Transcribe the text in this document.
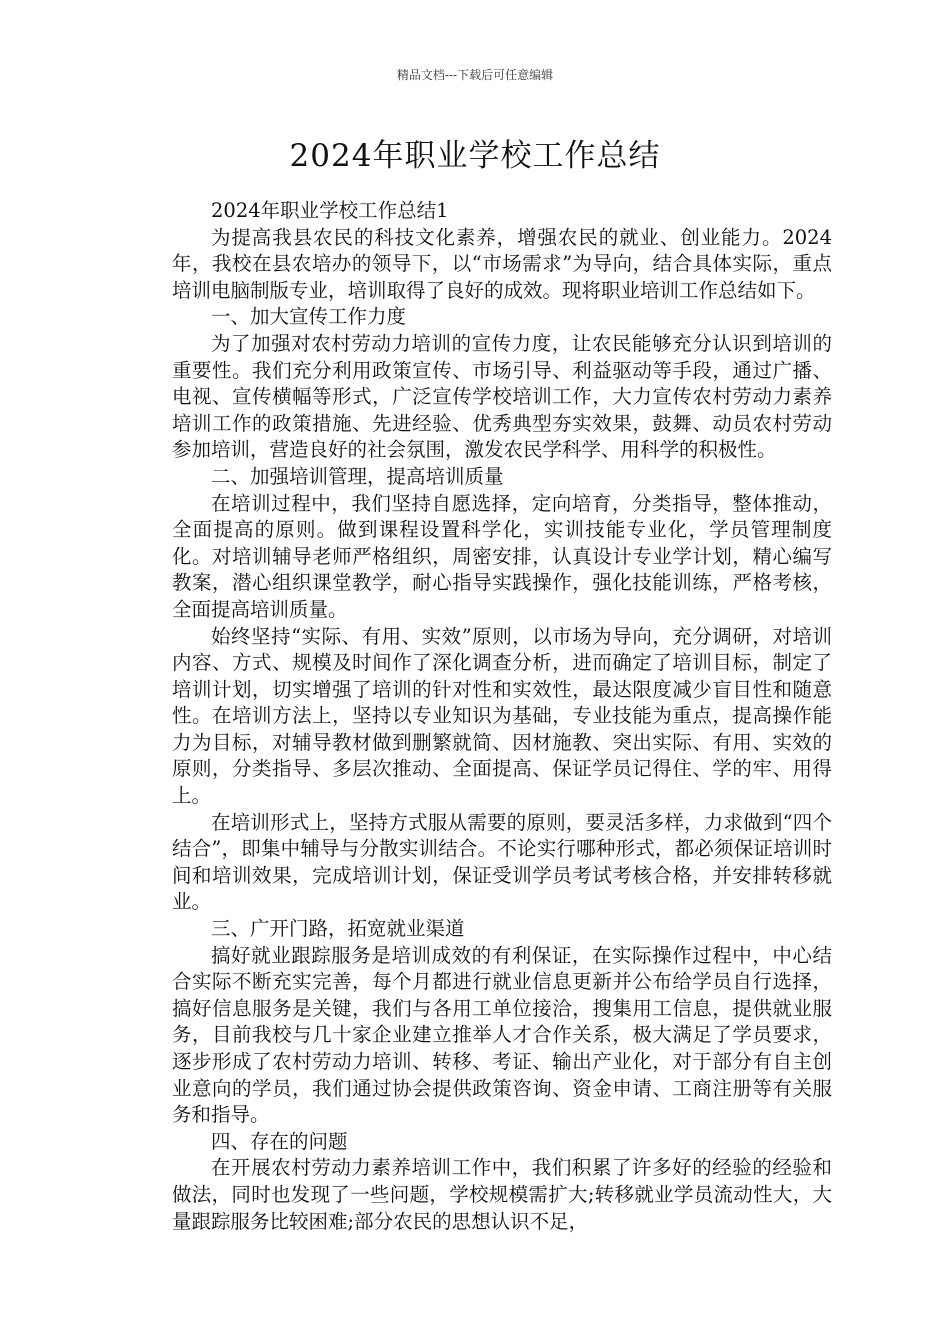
精品文档---下载后可任意编辑
2024年职业学校工作总结

2024年职业学校工作总结1

为提高我县农民的科技文化素养，增强农民的就业、创业能力。2024年，我校在县农培办的领导下，以“市场需求”为导向，结合具体实际，重点培训电脑制版专业，培训取得了良好的成效。现将职业培训工作总结如下。

一、加大宣传工作力度

为了加强对农村劳动力培训的宣传力度，让农民能够充分认识到培训的重要性。我们充分利用政策宣传、市场引导、利益驱动等手段，通过广播、电视、宣传横幅等形式，广泛宣传学校培训工作，大力宣传农村劳动力素养培训工作的政策措施、先进经验、优秀典型夯实效果，鼓舞、动员农村劳动参加培训，营造良好的社会氛围，激发农民学科学、用科学的积极性。

二、加强培训管理，提高培训质量

在培训过程中，我们坚持自愿选择，定向培育，分类指导，整体推动，全面提高的原则。做到课程设置科学化，实训技能专业化，学员管理制度化。对培训辅导老师严格组织，周密安排，认真设计专业学计划，精心编写教案，潜心组织课堂教学，耐心指导实践操作，强化技能训练，严格考核，全面提高培训质量。

始终坚持“实际、有用、实效”原则，以市场为导向，充分调研，对培训内容、方式、规模及时间作了深化调查分析，进而确定了培训目标，制定了培训计划，切实增强了培训的针对性和实效性，最达限度减少盲目性和随意性。在培训方法上，坚持以专业知识为基础，专业技能为重点，提高操作能力为目标，对辅导教材做到删繁就简、因材施教、突出实际、有用、实效的原则，分类指导、多层次推动、全面提高、保证学员记得住、学的牢、用得上。

在培训形式上，坚持方式服从需要的原则，要灵活多样，力求做到“四个结合”，即集中辅导与分散实训结合。不论实行哪种形式，都必须保证培训时间和培训效果，完成培训计划，保证受训学员考试考核合格，并安排转移就业。

三、广开门路，拓宽就业渠道

搞好就业跟踪服务是培训成效的有利保证，在实际操作过程中，中心结合实际不断充实完善，每个月都进行就业信息更新并公布给学员自行选择，搞好信息服务是关键，我们与各用工单位接洽，搜集用工信息，提供就业服务，目前我校与几十家企业建立推举人才合作关系，极大满足了学员要求，逐步形成了农村劳动力培训、转移、考证、输出产业化，对于部分有自主创业意向的学员，我们通过协会提供政策咨询、资金申请、工商注册等有关服务和指导。

四、存在的问题

在开展农村劳动力素养培训工作中，我们积累了许多好的经验的经验和做法，同时也发现了一些问题，学校规模需扩大;转移就业学员流动性大，大量跟踪服务比较困难;部分农民的思想认识不足，
